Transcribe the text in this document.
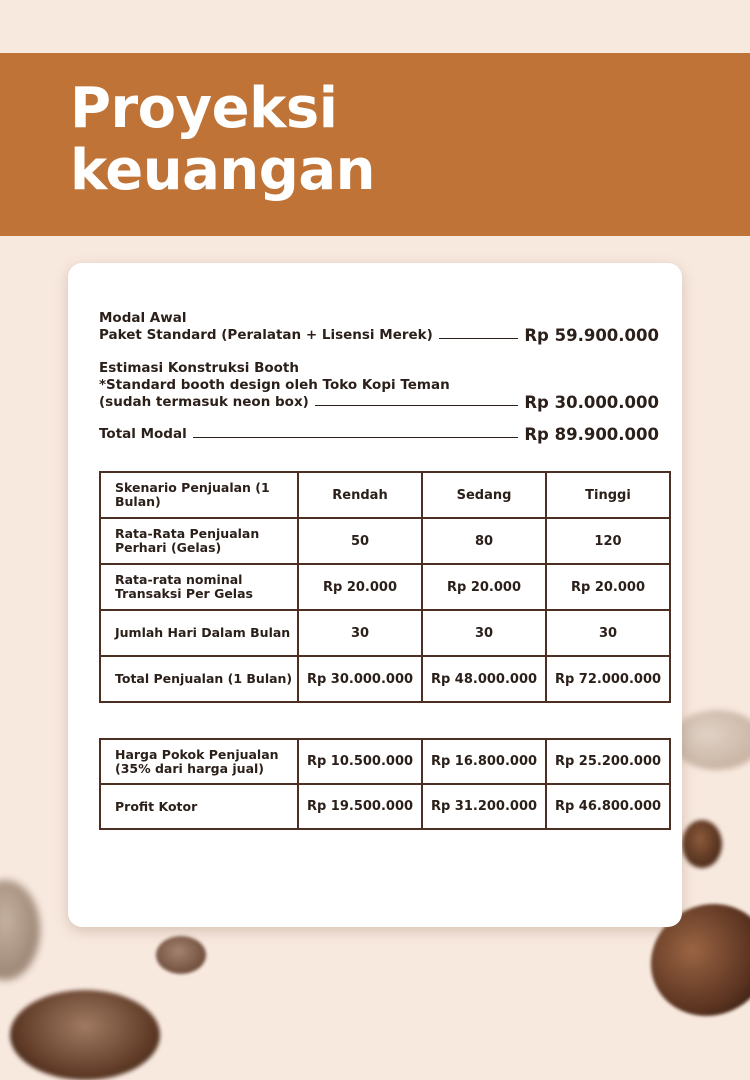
Proyeksi
keuangan
Modal Awal
Paket Standard (Peralatan + Lisensi Merek)	Rp 59.900.000
Estimasi Konstruksi Booth
*Standard booth design oleh Toko Kopi Teman
(sudah termasuk neon box)	Rp 30.000.000
Total Modal	Rp 89.900.000
Skenario Penjualan (1 Bulan)	Rendah	Sedang	Tinggi
Rata-Rata Penjualan Perhari (Gelas)	50	80	120
Rata-rata nominal Transaksi Per Gelas	Rp 20.000	Rp 20.000	Rp 20.000
Jumlah Hari Dalam Bulan	30	30	30
Total Penjualan (1 Bulan)	Rp 30.000.000	Rp 48.000.000	Rp 72.000.000
Harga Pokok Penjualan (35% dari harga jual)	Rp 10.500.000	Rp 16.800.000	Rp 25.200.000
Profit Kotor	Rp 19.500.000	Rp 31.200.000	Rp 46.800.000
